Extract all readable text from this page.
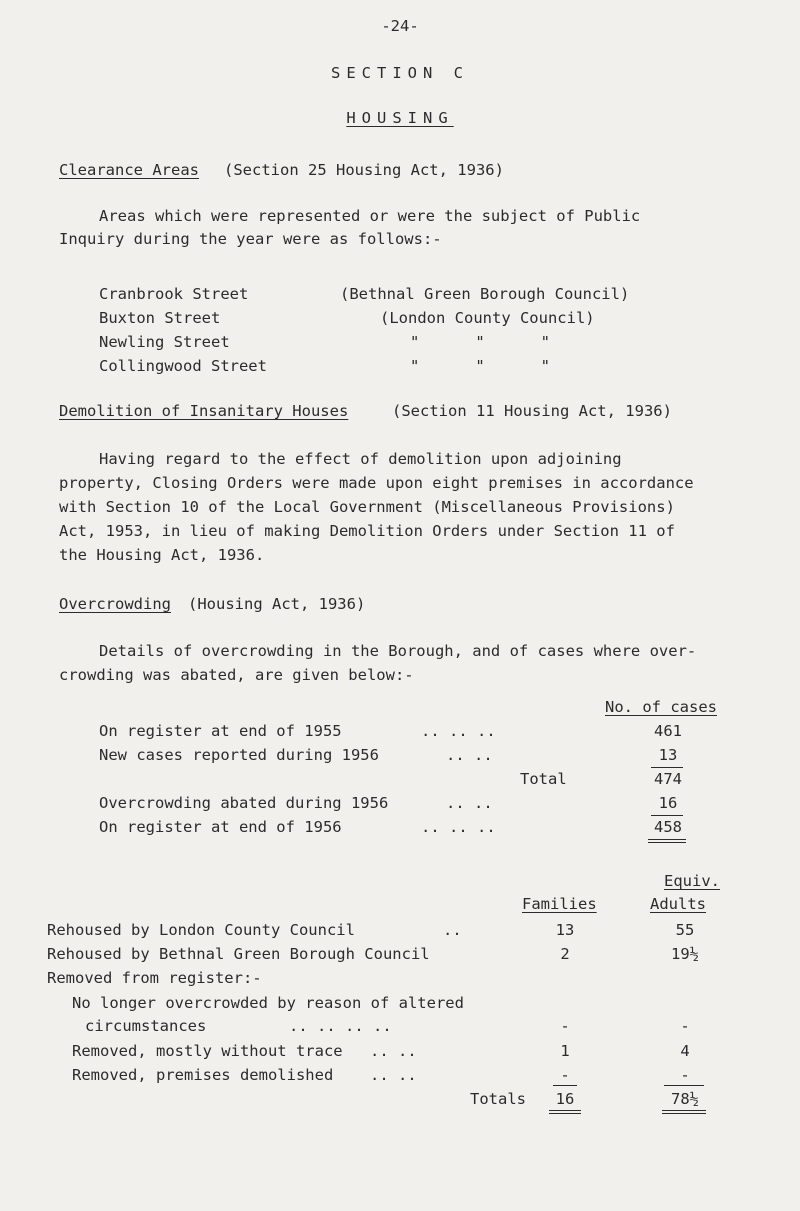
-24-
SECTION C
HOUSING
Clearance Areas (Section 25 Housing Act, 1936)
Areas which were represented or were the subject of Public
Inquiry during the year were as follows:-
Cranbrook Street	(Bethnal Green Borough Council)
Buxton Street	(London County Council)
Newling Street	"      "      "
Collingwood Street	"      "      "
Demolition of Insanitary Houses	(Section 11 Housing Act, 1936)
Having regard to the effect of demolition upon adjoining
property, Closing Orders were made upon eight premises in accordance
with Section 10 of the Local Government (Miscellaneous Provisions)
Act, 1953, in lieu of making Demolition Orders under Section 11 of
the Housing Act, 1936.
Overcrowding (Housing Act, 1936)
Details of overcrowding in the Borough, and of cases where over-
crowding was abated, are given below:-
No. of cases
On register at end of 1955	.. .. ..	461
New cases reported during 1956	.. ..	13
Total	474
Overcrowding abated during 1956	.. ..	16
On register at end of 1956	.. .. ..	458
Equiv.
Families	Adults
Rehoused by London County Council	..	13	55
Rehoused by Bethnal Green Borough Council	2	19½
Removed from register:-
No longer overcrowded by reason of altered
circumstances	.. .. .. ..	-	-
Removed, mostly without trace .. ..	1	4
Removed, premises demolished .. ..	-	-
Totals	16	78½
